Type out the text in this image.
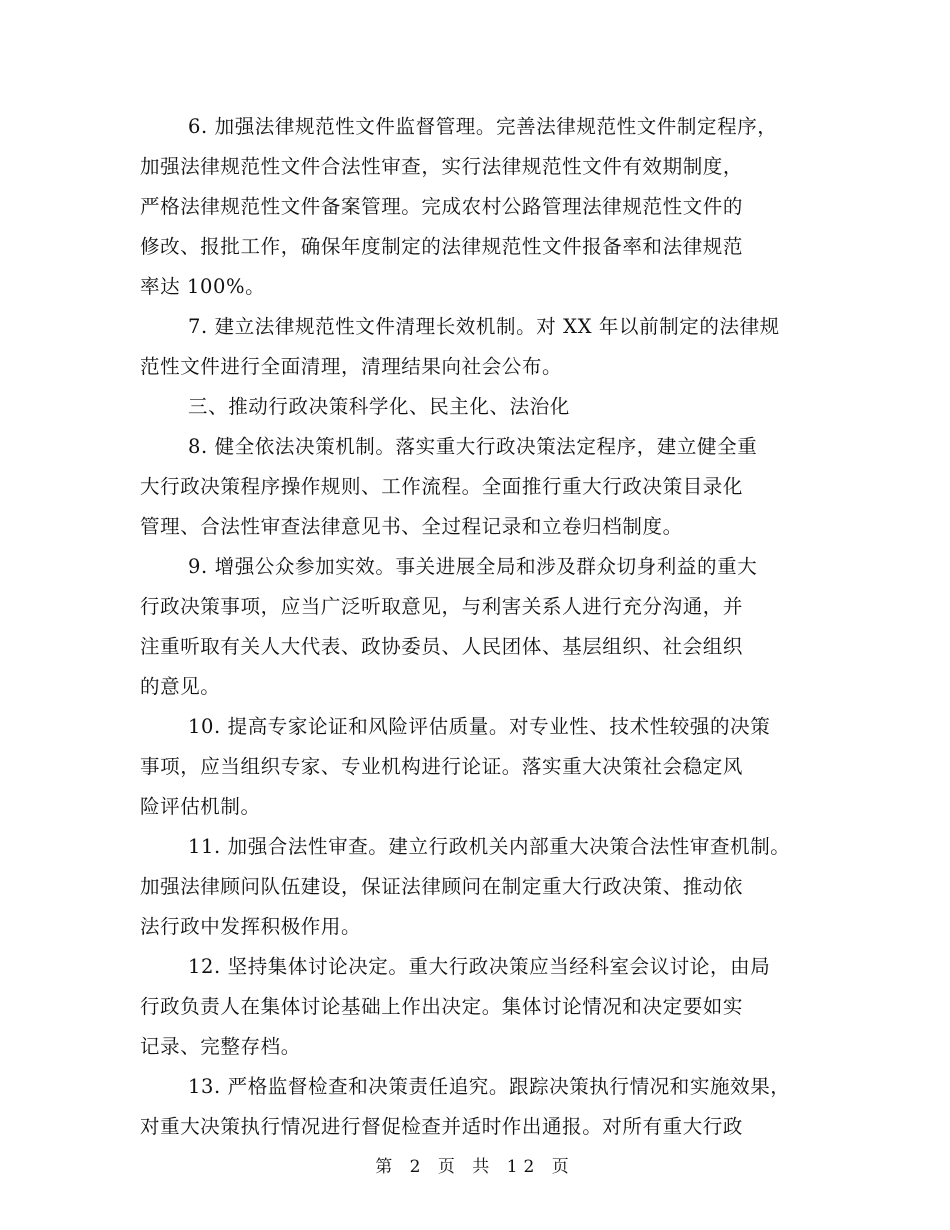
6. 加强法律规范性文件监督管理。完善法律规范性文件制定程序，
加强法律规范性文件合法性审查，实行法律规范性文件有效期制度，
严格法律规范性文件备案管理。完成农村公路管理法律规范性文件的
修改、报批工作，确保年度制定的法律规范性文件报备率和法律规范
率达 100%。
7. 建立法律规范性文件清理长效机制。对 XX 年以前制定的法律规
范性文件进行全面清理，清理结果向社会公布。
三、推动行政决策科学化、民主化、法治化
8. 健全依法决策机制。落实重大行政决策法定程序，建立健全重
大行政决策程序操作规则、工作流程。全面推行重大行政决策目录化
管理、合法性审查法律意见书、全过程记录和立卷归档制度。
9. 增强公众参加实效。事关进展全局和涉及群众切身利益的重大
行政决策事项，应当广泛听取意见，与利害关系人进行充分沟通，并
注重听取有关人大代表、政协委员、人民团体、基层组织、社会组织
的意见。
10. 提高专家论证和风险评估质量。对专业性、技术性较强的决策
事项，应当组织专家、专业机构进行论证。落实重大决策社会稳定风
险评估机制。
11. 加强合法性审查。建立行政机关内部重大决策合法性审查机制。
加强法律顾问队伍建设，保证法律顾问在制定重大行政决策、推动依
法行政中发挥积极作用。
12. 坚持集体讨论决定。重大行政决策应当经科室会议讨论，由局
行政负责人在集体讨论基础上作出决定。集体讨论情况和决定要如实
记录、完整存档。
13. 严格监督检查和决策责任追究。跟踪决策执行情况和实施效果，
对重大决策执行情况进行督促检查并适时作出通报。对所有重大行政
第 2 页 共 12 页
